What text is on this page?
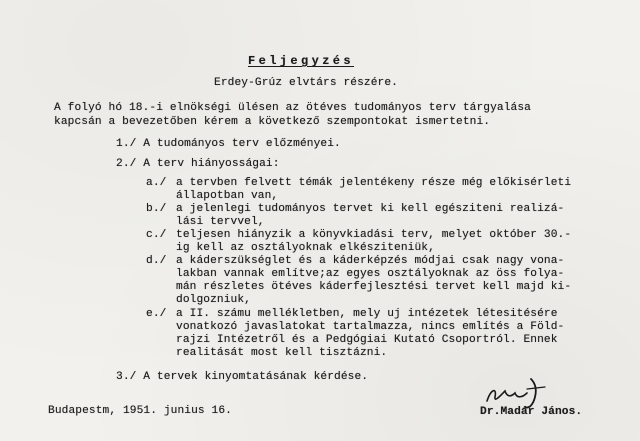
Feljegyzés
Erdey-Grúz elvtárs részére.
A folyó hó 18.-i elnökségi ülésen az ötéves tudományos terv tárgyalása
kapcsán a bevezetőben kérem a következő szempontokat ismertetni.
1./ A tudományos terv előzményei.
2./ A terv hiányosságai:
a./ a tervben felvett témák jelentékeny része még előkisérleti
állapotban van,
b./ a jelenlegi tudományos tervet ki kell egésziteni realizá-
lási tervvel,
c./ teljesen hiányzik a könyvkiadási terv, melyet október 30.-
ig kell az osztályoknak elkésziteniük,
d./ a káderszükséglet és a káderképzés módjai csak nagy vona-
lakban vannak említve;az egyes osztályoknak az öss folya-
mán részletes ötéves káderfejlesztési tervet kell majd ki-
dolgozniuk,
e./ a II. számu mellékletben, mely uj intézetek létesitésére
vonatkozó javaslatokat tartalmazza, nincs említés a Föld-
rajzi Intézetről és a Pedgógiai Kutató Csoportról. Ennek
realitását most kell tisztázni.
3./ A tervek kinyomtatásának kérdése.
Budapestm, 1951. junius 16.	Dr.Madár János.
